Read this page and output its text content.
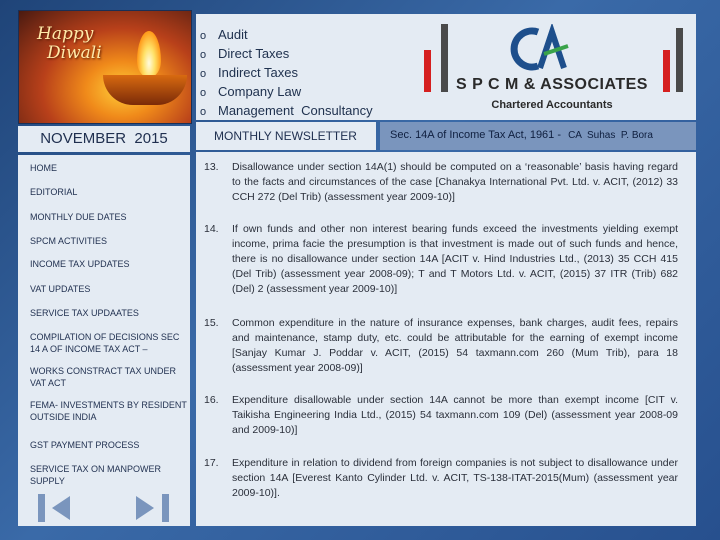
Happy
Diwali
o Audit
o Direct Taxes
o Indirect Taxes
o Company Law
o Management  Consultancy
S P C M & ASSOCIATES
Chartered Accountants
NOVEMBER  2015	MONTHLY NEWSLETTER	Sec. 14A of Income Tax Act, 1961 - CA  Suhas  P. Bora
HOME
EDITORIAL
MONTHLY DUE DATES
SPCM ACTIVITIES
INCOME TAX UPDATES
VAT UPDATES
SERVICE TAX UPDAATES
COMPILATION OF DECISIONS SEC 14 A OF INCOME TAX ACT –
WORKS CONSTRACT TAX UNDER VAT ACT
FEMA- INVESTMENTS BY RESIDENT OUTSIDE INDIA
GST PAYMENT PROCESS
SERVICE TAX ON MANPOWER SUPPLY
13.	Disallowance under section 14A(1) should be computed on a ‘reasonable’ basis having regard to the facts and circumstances of the case [Chanakya International Pvt. Ltd. v. ACIT, (2012) 33 CCH 272 (Del Trib) (assessment year 2009-10)]
14.	If own funds and other non interest bearing funds exceed the investments yielding exempt income, prima facie the presumption is that investment is made out of such funds and hence, there is no disallowance under section 14A [ACIT v. Hind Industries Ltd., (2013) 35 CCH 415 (Del Trib) (assessment year 2008-09); T and T Motors Ltd. v. ACIT, (2015) 37 ITR (Trib) 682 (Del) 2 (assessment year 2009-10)]
15.	Common expenditure in the nature of insurance expenses, bank charges, audit fees, repairs and maintenance, stamp duty, etc. could be attributable for the earning of exempt income [Sanjay Kumar J. Poddar v. ACIT, (2015) 54 taxmann.com 260 (Mum Trib), para 18 (assessment year 2008-09)]
16.	Expenditure disallowable under section 14A cannot be more than exempt income [CIT v. Taikisha Engineering India Ltd., (2015) 54 taxmann.com 109 (Del) (assessment year 2008-09 and 2009-10)]
17.	Expenditure in relation to dividend from foreign companies is not subject to disallowance under section 14A [Everest Kanto Cylinder Ltd. v. ACIT, TS-138-ITAT-2015(Mum) (assessment year 2009-10)].
